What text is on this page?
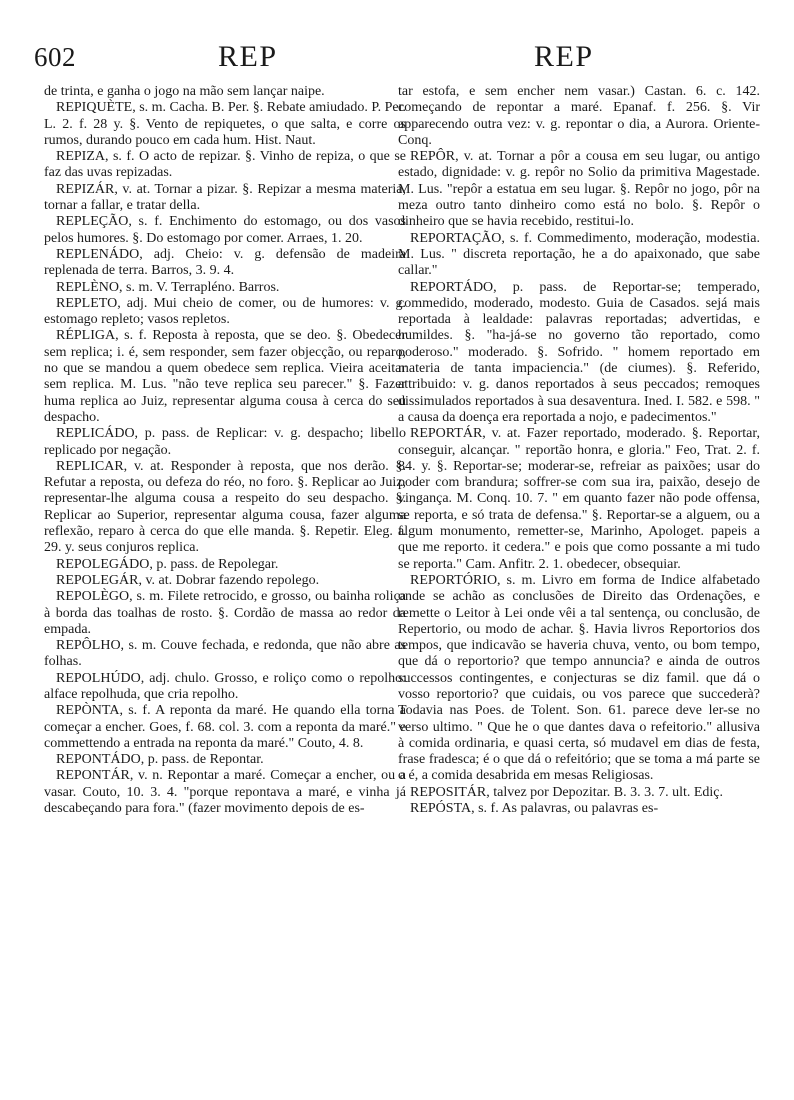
602	REP	REP

de trinta, e ganha o jogo na mão sem lançar naipe.

REPIQUÈTE, s. m. Cacha. B. Per. §. Rebate amiudado. P. Per. L. 2. f. 28 y. §. Vento de repiquetes, o que salta, e corre os rumos, durando pouco em cada hum. Hist. Naut.

REPIZA, s. f. O acto de repizar. §. Vinho de repiza, o que se faz das uvas repizadas.

REPIZÁR, v. at. Tornar a pizar. §. Repizar a mesma materia, tornar a fallar, e tratar della.

REPLEÇÃO, s. f. Enchimento do estomago, ou dos vasos pelos humores. §. Do estomago por comer. Arraes, 1. 20.

REPLENÁDO, adj. Cheio: v. g. defensão de madeira replenada de terra. Barros, 3. 9. 4.

REPLÈNO, s. m. V. Terrapléno. Barros.

REPLETO, adj. Mui cheio de comer, ou de humores: v. g. estomago repleto; vasos repletos.

RÉPLIGA, s. f. Reposta à reposta, que se deo. §. Obedecer sem replica; i. é, sem responder, sem fazer objecção, ou reparo, no que se mandou a quem obedece sem replica. Vieira aceitar sem replica. M. Lus. "não teve replica seu parecer." §. Fazer huma replica ao Juiz, representar alguma cousa à cerca do seu despacho.

REPLICÁDO, p. pass. de Replicar: v. g. despacho; libello replicado por negação.

REPLICAR, v. at. Responder à reposta, que nos derão. §. Refutar a reposta, ou defeza do réo, no foro. §. Replicar ao Juiz, representar-lhe alguma cousa a respeito do seu despacho. §. Replicar ao Superior, representar alguma cousa, fazer alguma reflexão, reparo à cerca do que elle manda. §. Repetir. Eleg. f. 29. y. seus conjuros replica.

REPOLEGÁDO, p. pass. de Repolegar.

REPOLEGÁR, v. at. Dobrar fazendo repolego.

REPOLÈGO, s. m. Filete retrocido, e grosso, ou bainha roliça à borda das toalhas de rosto. §. Cordão de massa ao redor da empada.

REPÔLHO, s. m. Couve fechada, e redonda, que não abre as folhas.

REPOLHÚDO, adj. chulo. Grosso, e roliço como o repolho: alface repolhuda, que cria repolho.

REPÒNTA, s. f. A reponta da maré. He quando ella torna a começar a encher. Goes, f. 68. col. 3. com a reponta da maré." e commettendo a entrada na reponta da maré." Couto, 4. 8.

REPONTÁDO, p. pass. de Repontar.

REPONTÁR, v. n. Repontar a maré. Começar a encher, ou a vasar. Couto, 10. 3. 4. "porque repontava a maré, e vinha já descabeçando para fora." (fazer movimento depois de es-

tar estofa, e sem encher nem vasar.) Castan. 6. c. 142. começando de repontar a maré. Epanaf. f. 256. §. Vir apparecendo outra vez: v. g. repontar o dia, a Aurora. Oriente-Conq.

REPÔR, v. at. Tornar a pôr a cousa em seu lugar, ou antigo estado, dignidade: v. g. repôr no Solio da primitiva Magestade. M. Lus. "repôr a estatua em seu lugar. §. Repôr no jogo, pôr na meza outro tanto dinheiro como está no bolo. §. Repôr o dinheiro que se havia recebido, restitui-lo.

REPORTAÇÃO, s. f. Commedimento, moderação, modestia. M. Lus. " discreta reportação, he a do apaixonado, que sabe callar."

REPORTÁDO, p. pass. de Reportar-se; temperado, commedido, moderado, modesto. Guia de Casados. sejá mais reportada à lealdade: palavras reportadas; advertidas, e humildes. §. "ha-já-se no governo tão reportado, como poderoso." moderado. §. Sofrido. " homem reportado em materia de tanta impaciencia." (de ciumes). §. Referido, attribuido: v. g. danos reportados à seus peccados; remoques dissimulados reportados à sua desaventura. Ined. I. 582. e 598. " a causa da doença era reportada a nojo, e padecimentos."

REPORTÁR, v. at. Fazer reportado, moderado. §. Reportar, conseguir, alcançar. " reportão honra, e gloria." Feo, Trat. 2. f. 84. y. §. Reportar-se; moderar-se, refreiar as paixões; usar do poder com brandura; soffrer-se com sua ira, paixão, desejo de vingança. M. Conq. 10. 7. " em quanto fazer não pode offensa, se reporta, e só trata de defensa." §. Reportar-se a alguem, ou a algum monumento, remetter-se, Marinho, Apologet. papeis a que me reporto. it cedera." e pois que como possante a mi tudo se reporta." Cam. Anfitr. 2. 1. obedecer, obsequiar.

REPORTÓRIO, s. m. Livro em forma de Indice alfabetado onde se achão as conclusões de Direito das Ordenações, e remette o Leitor à Lei onde vêi a tal sentença, ou conclusão, de Repertorio, ou modo de achar. §. Havia livros Reportorios dos tempos, que indicavão se haveria chuva, vento, ou bom tempo, que dá o reportorio? que tempo annuncia? e ainda de outros successos contingentes, e conjecturas se diz famil. que dá o vosso reportorio? que cuidais, ou vos parece que succederà? Todavia nas Poes. de Tolent. Son. 61. parece deve ler-se no verso ultimo. " Que he o que dantes dava o refeitorio." allusiva à comida ordinaria, e quasi certa, só mudavel em dias de festa, frase fradesca; é o que dá o refeitório; que se toma a má parte se o é, a comida desabrida em mesas Religiosas.

REPOSITÁR, talvez por Depozitar. B. 3. 3. 7. ult. Ediç.

REPÓSTA, s. f. As palavras, ou palavras es-
